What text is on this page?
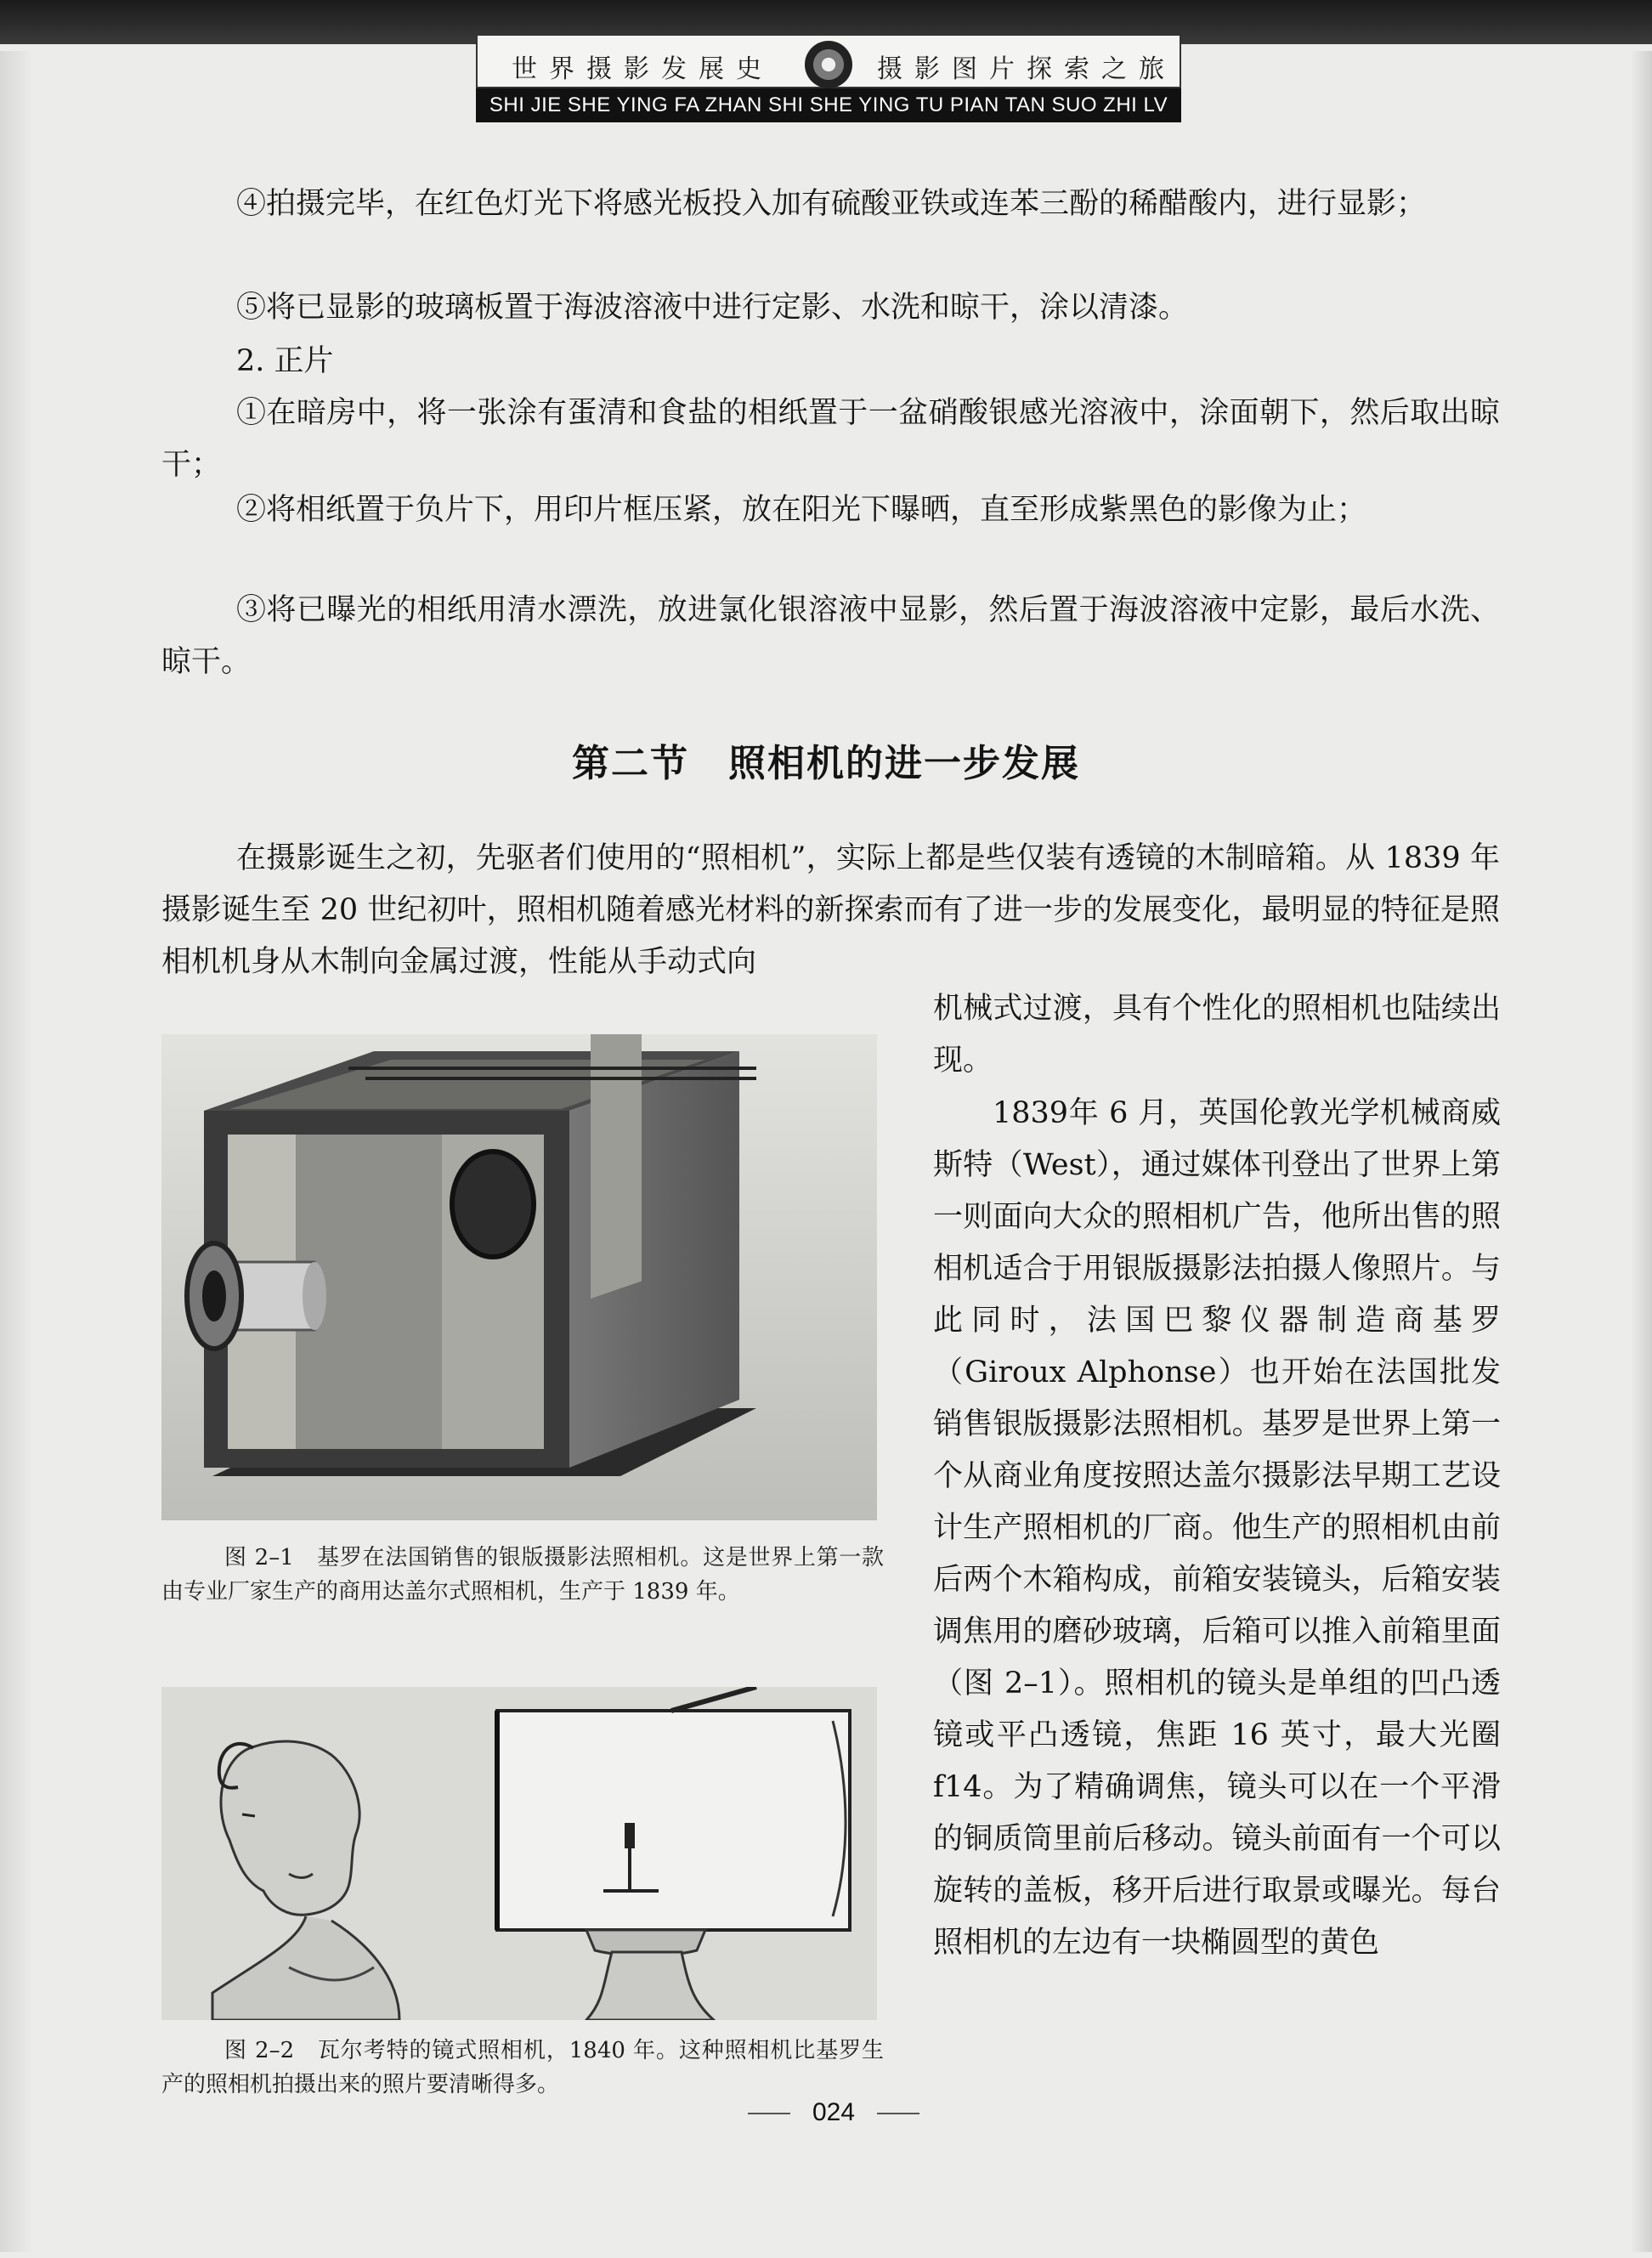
世界摄影发展史	摄影图片探索之旅
SHI JIE SHE YING FA ZHAN SHI SHE YING TU PIAN TAN SUO ZHI LV

④拍摄完毕，在红色灯光下将感光板投入加有硫酸亚铁或连苯三酚的稀醋酸内，进行显影；

⑤将已显影的玻璃板置于海波溶液中进行定影、水洗和晾干，涂以清漆。

2. 正片

①在暗房中，将一张涂有蛋清和食盐的相纸置于一盆硝酸银感光溶液中，涂面朝下，然后取出晾干；

②将相纸置于负片下，用印片框压紧，放在阳光下曝晒，直至形成紫黑色的影像为止；

③将已曝光的相纸用清水漂洗，放进氯化银溶液中显影，然后置于海波溶液中定影，最后水洗、晾干。

第二节　照相机的进一步发展

在摄影诞生之初，先驱者们使用的“照相机”，实际上都是些仅装有透镜的木制暗箱。从 1839 年摄影诞生至 20 世纪初叶，照相机随着感光材料的新探索而有了进一步的发展变化，最明显的特征是照相机机身从木制向金属过渡，性能从手动式向

机械式过渡，具有个性化的照相机也陆续出现。

1839年 6 月，英国伦敦光学机械商威斯特（West），通过媒体刊登出了世界上第一则面向大众的照相机广告，他所出售的照相机适合于用银版摄影法拍摄人像照片。与此同时，法国巴黎仪器制造商基罗（Giroux Alphonse）也开始在法国批发销售银版摄影法照相机。基罗是世界上第一个从商业角度按照达盖尔摄影法早期工艺设计生产照相机的厂商。他生产的照相机由前后两个木箱构成，前箱安装镜头，后箱安装调焦用的磨砂玻璃，后箱可以推入前箱里面（图 2–1）。照相机的镜头是单组的凹凸透镜或平凸透镜，焦距 16 英寸，最大光圈 f14。为了精确调焦，镜头可以在一个平滑的铜质筒里前后移动。镜头前面有一个可以旋转的盖板，移开后进行取景或曝光。每台照相机的左边有一块椭圆型的黄色

图 2–1　基罗在法国销售的银版摄影法照相机。这是世界上第一款由专业厂家生产的商用达盖尔式照相机，生产于 1839 年。

图 2–2　瓦尔考特的镜式照相机，1840 年。这种照相机比基罗生产的照相机拍摄出来的照片要清晰得多。

024
